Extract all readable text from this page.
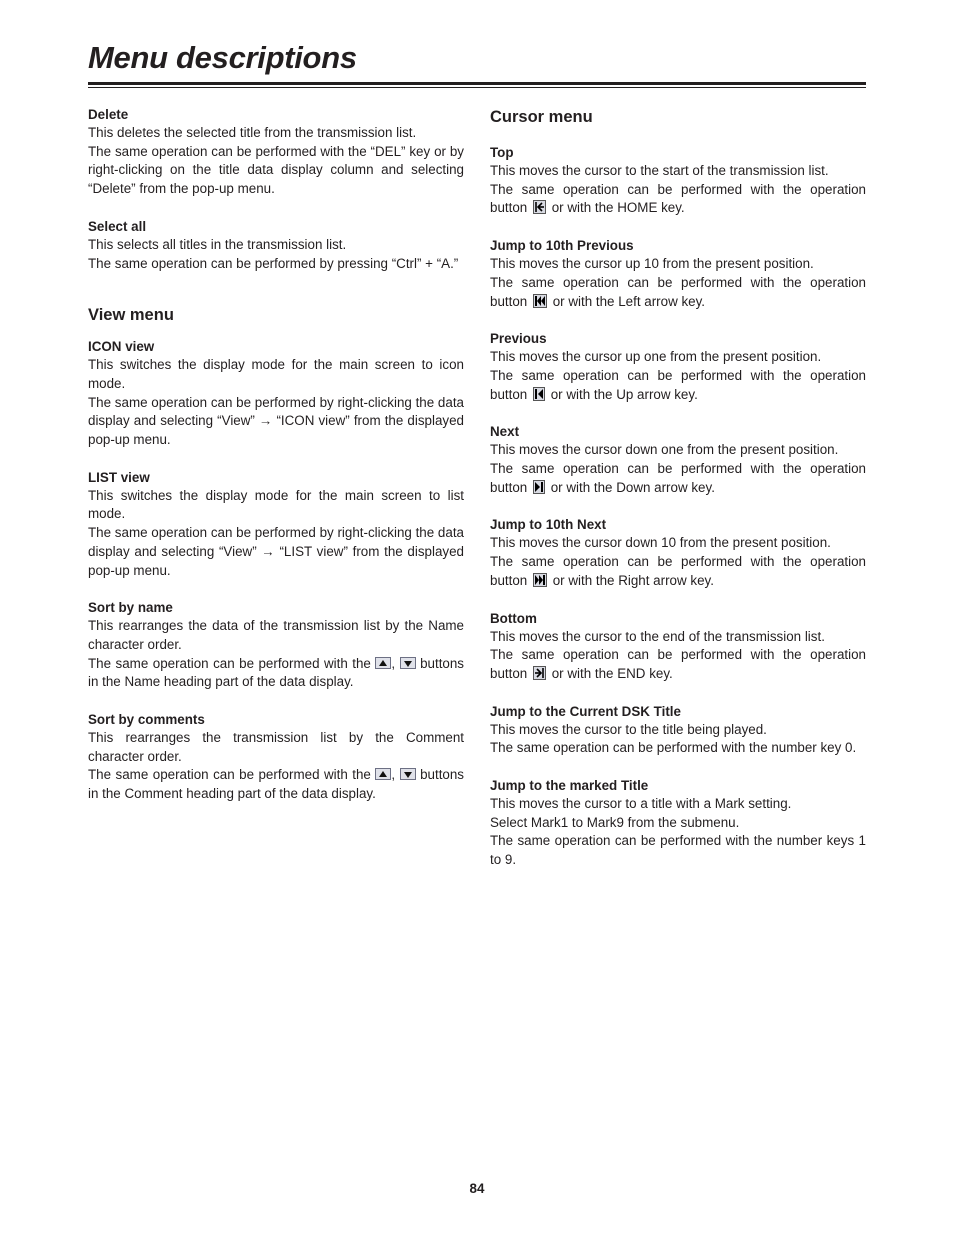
Menu descriptions
Delete
This deletes the selected title from the transmission list.
The same operation can be performed with the “DEL” key or by right-clicking on the title data display column and selecting “Delete” from the pop-up menu.
Select all
This selects all titles in the transmission list.
The same operation can be performed by pressing “Ctrl” + “A.”
View menu
ICON view
This switches the display mode for the main screen to icon mode.
The same operation can be performed by right-clicking the data display and selecting “View” → “ICON view” from the displayed pop-up menu.
LIST view
This switches the display mode for the main screen to list mode.
The same operation can be performed by right-clicking the data display and selecting “View” → “LIST view” from the displayed pop-up menu.
Sort by name
This rearranges the data of the transmission list by the Name character order.
The same operation can be performed with the , buttons in the Name heading part of the data display.
Sort by comments
This rearranges the transmission list by the Comment character order.
The same operation can be performed with the , buttons in the Comment heading part of the data display.
Cursor menu
Top
This moves the cursor to the start of the transmission list.
The same operation can be performed with the operation button or with the HOME key.
Jump to 10th Previous
This moves the cursor up 10 from the present position.
The same operation can be performed with the operation button or with the Left arrow key.
Previous
This moves the cursor up one from the present position.
The same operation can be performed with the operation button or with the Up arrow key.
Next
This moves the cursor down one from the present position.
The same operation can be performed with the operation button or with the Down arrow key.
Jump to 10th Next
This moves the cursor down 10 from the present position.
The same operation can be performed with the operation button or with the Right arrow key.
Bottom
This moves the cursor to the end of the transmission list.
The same operation can be performed with the operation button or with the END key.
Jump to the Current DSK Title
This moves the cursor to the title being played.
The same operation can be performed with the number key 0.
Jump to the marked Title
This moves the cursor to a title with a Mark setting.
Select Mark1 to Mark9 from the submenu.
The same operation can be performed with the number keys 1 to 9.
84
